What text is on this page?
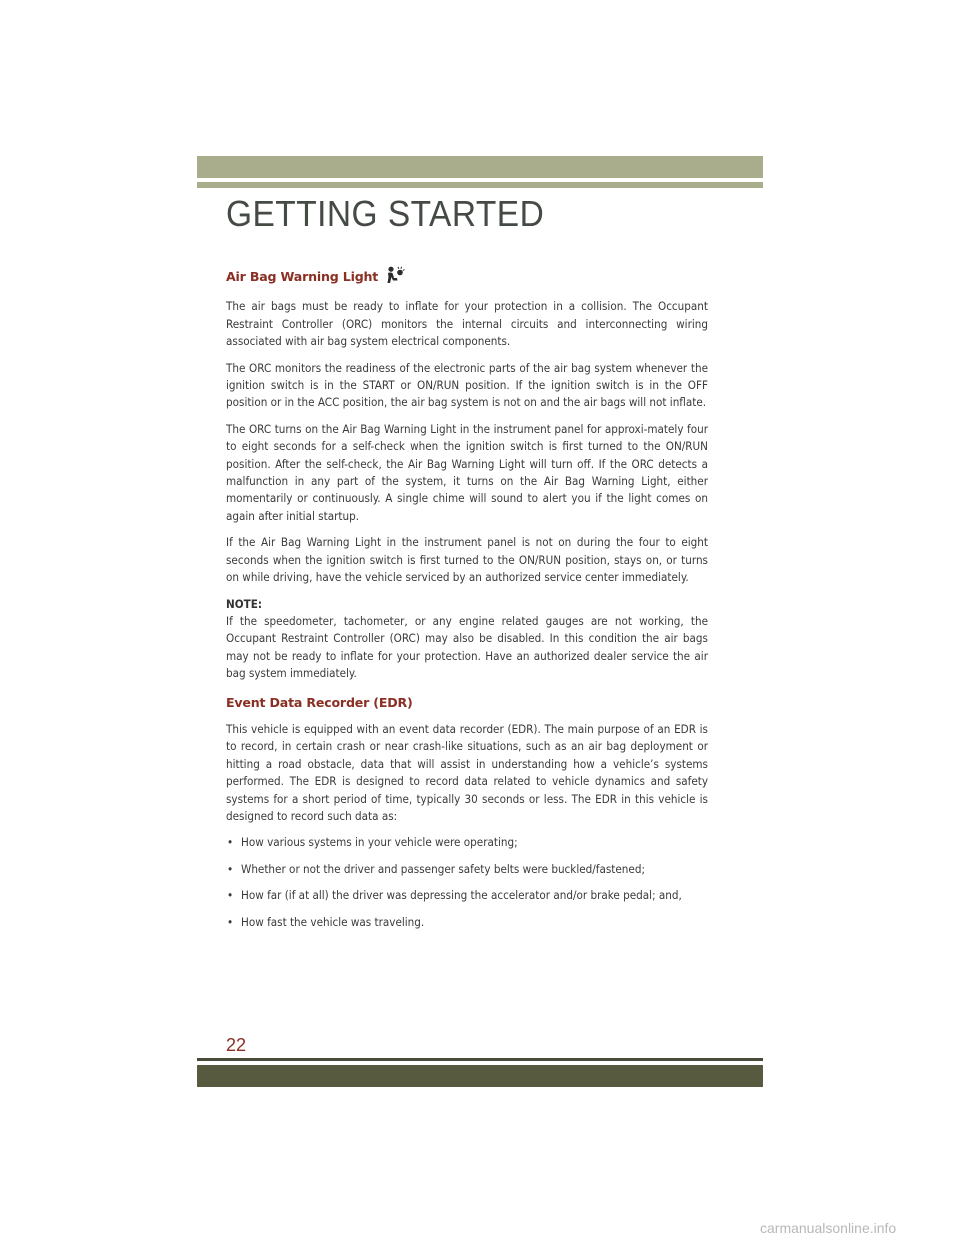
GETTING STARTED
Air Bag Warning Light

The air bags must be ready to inflate for your protection in a collision. The Occupant Restraint Controller (ORC) monitors the internal circuits and interconnecting wiring associated with air bag system electrical components.

The ORC monitors the readiness of the electronic parts of the air bag system whenever the ignition switch is in the START or ON/RUN position. If the ignition switch is in the OFF position or in the ACC position, the air bag system is not on and the air bags will not inflate.

The ORC turns on the Air Bag Warning Light in the instrument panel for approxi-mately four to eight seconds for a self-check when the ignition switch is first turned to the ON/RUN position. After the self-check, the Air Bag Warning Light will turn off. If the ORC detects a malfunction in any part of the system, it turns on the Air Bag Warning Light, either momentarily or continuously. A single chime will sound to alert you if the light comes on again after initial startup.

If the Air Bag Warning Light in the instrument panel is not on during the four to eight seconds when the ignition switch is first turned to the ON/RUN position, stays on, or turns on while driving, have the vehicle serviced by an authorized service center immediately.

NOTE:

If the speedometer, tachometer, or any engine related gauges are not working, the Occupant Restraint Controller (ORC) may also be disabled. In this condition the air bags may not be ready to inflate for your protection. Have an authorized dealer service the air bag system immediately.

Event Data Recorder (EDR)

This vehicle is equipped with an event data recorder (EDR). The main purpose of an EDR is to record, in certain crash or near crash-like situations, such as an air bag deployment or hitting a road obstacle, data that will assist in understanding how a vehicle’s systems performed. The EDR is designed to record data related to vehicle dynamics and safety systems for a short period of time, typically 30 seconds or less. The EDR in this vehicle is designed to record such data as:

• How various systems in your vehicle were operating;
• Whether or not the driver and passenger safety belts were buckled/fastened;
• How far (if at all) the driver was depressing the accelerator and/or brake pedal; and,
• How fast the vehicle was traveling.
22
carmanualsonline.info
